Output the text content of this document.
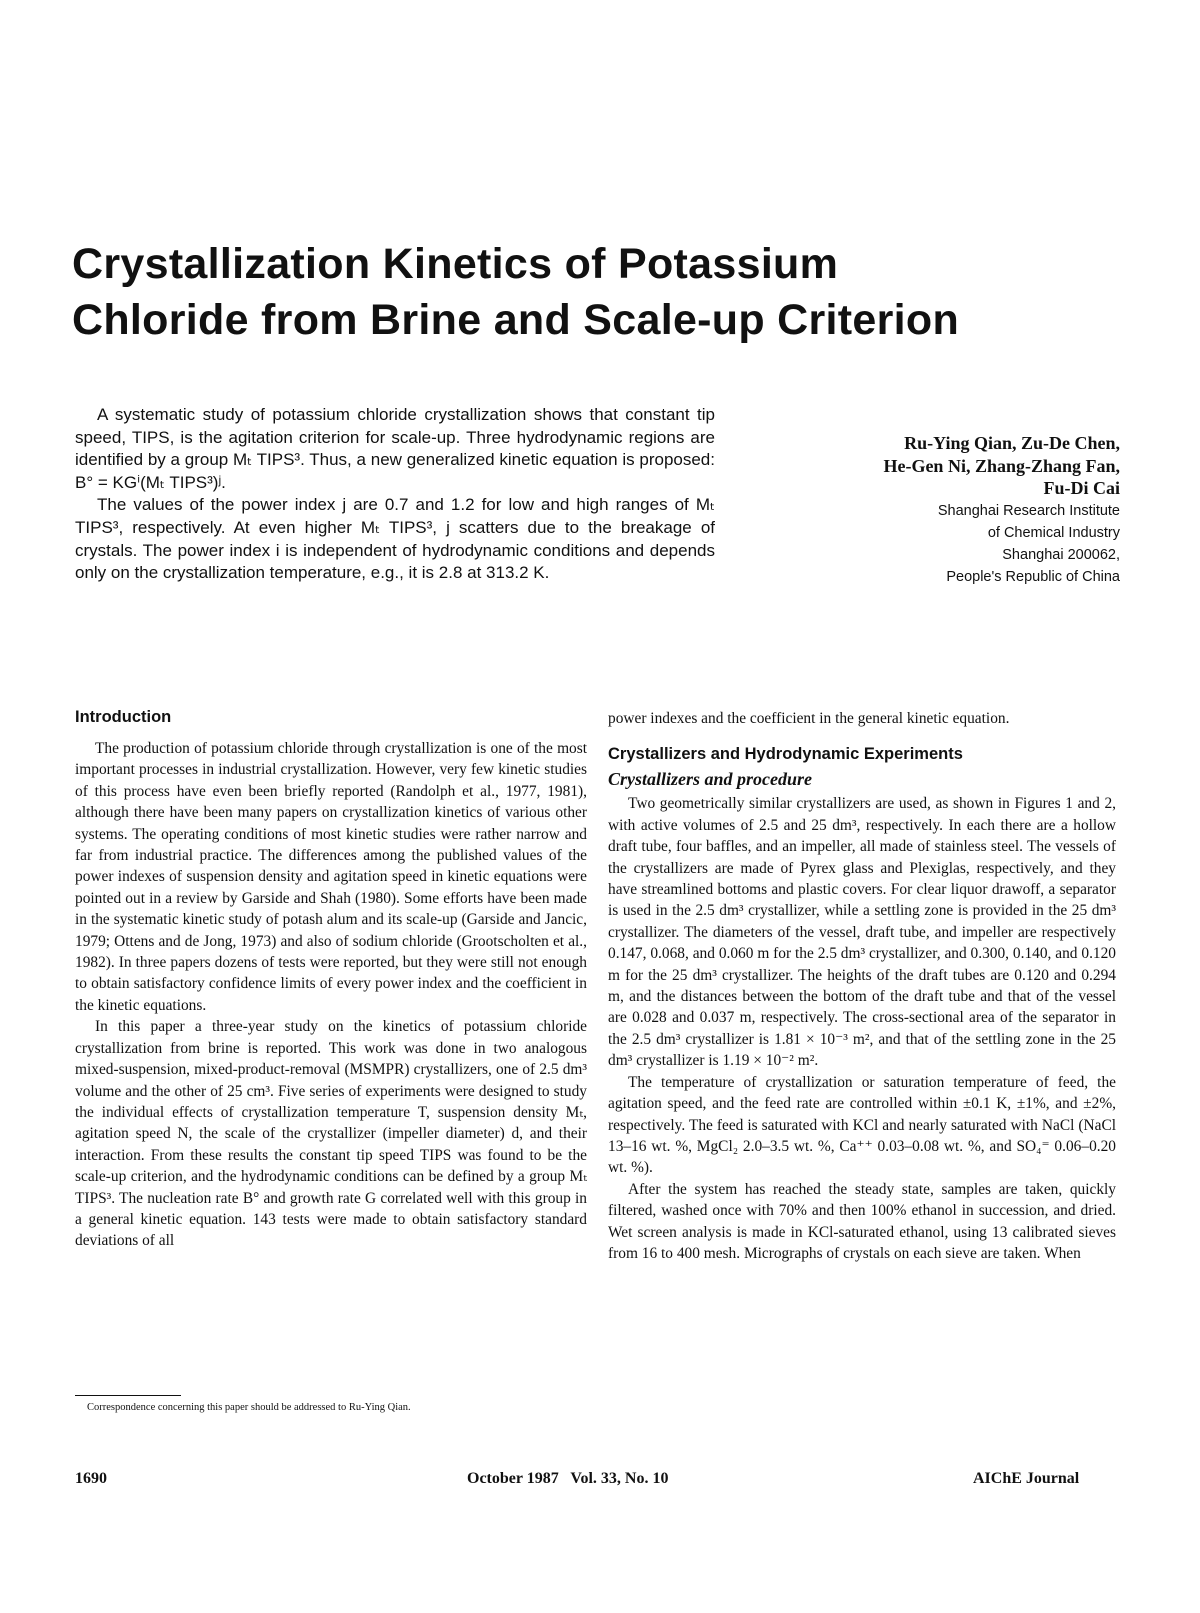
Crystallization Kinetics of Potassium
Chloride from Brine and Scale-up Criterion

A systematic study of potassium chloride crystallization shows that constant tip speed, TIPS, is the agitation criterion for scale-up. Three hydrodynamic regions are identified by a group Mₜ TIPS³. Thus, a new generalized kinetic equation is proposed: B° = KGⁱ(Mₜ TIPS³)ʲ.

The values of the power index j are 0.7 and 1.2 for low and high ranges of Mₜ TIPS³, respectively. At even higher Mₜ TIPS³, j scatters due to the breakage of crystals. The power index i is independent of hydrodynamic conditions and depends only on the crystallization temperature, e.g., it is 2.8 at 313.2 K.

Ru-Ying Qian, Zu-De Chen,
He-Gen Ni, Zhang-Zhang Fan,
Fu-Di Cai
Shanghai Research Institute
of Chemical Industry
Shanghai 200062,
People's Republic of China
Introduction

The production of potassium chloride through crystallization is one of the most important processes in industrial crystallization. However, very few kinetic studies of this process have even been briefly reported (Randolph et al., 1977, 1981), although there have been many papers on crystallization kinetics of various other systems. The operating conditions of most kinetic studies were rather narrow and far from industrial practice. The differences among the published values of the power indexes of suspension density and agitation speed in kinetic equations were pointed out in a review by Garside and Shah (1980). Some efforts have been made in the systematic kinetic study of potash alum and its scale-up (Garside and Jancic, 1979; Ottens and de Jong, 1973) and also of sodium chloride (Grootscholten et al., 1982). In three papers dozens of tests were reported, but they were still not enough to obtain satisfactory confidence limits of every power index and the coefficient in the kinetic equations.

In this paper a three-year study on the kinetics of potassium chloride crystallization from brine is reported. This work was done in two analogous mixed-suspension, mixed-product-removal (MSMPR) crystallizers, one of 2.5 dm³ volume and the other of 25 cm³. Five series of experiments were designed to study the individual effects of crystallization temperature T, suspension density Mₜ, agitation speed N, the scale of the crystallizer (impeller diameter) d, and their interaction. From these results the constant tip speed TIPS was found to be the scale-up criterion, and the hydrodynamic conditions can be defined by a group Mₜ TIPS³. The nucleation rate B° and growth rate G correlated well with this group in a general kinetic equation. 143 tests were made to obtain satisfactory standard deviations of all

power indexes and the coefficient in the general kinetic equation.

Crystallizers and Hydrodynamic Experiments
Crystallizers and procedure

Two geometrically similar crystallizers are used, as shown in Figures 1 and 2, with active volumes of 2.5 and 25 dm³, respectively. In each there are a hollow draft tube, four baffles, and an impeller, all made of stainless steel. The vessels of the crystallizers are made of Pyrex glass and Plexiglas, respectively, and they have streamlined bottoms and plastic covers. For clear liquor drawoff, a separator is used in the 2.5 dm³ crystallizer, while a settling zone is provided in the 25 dm³ crystallizer. The diameters of the vessel, draft tube, and impeller are respectively 0.147, 0.068, and 0.060 m for the 2.5 dm³ crystallizer, and 0.300, 0.140, and 0.120 m for the 25 dm³ crystallizer. The heights of the draft tubes are 0.120 and 0.294 m, and the distances between the bottom of the draft tube and that of the vessel are 0.028 and 0.037 m, respectively. The cross-sectional area of the separator in the 2.5 dm³ crystallizer is 1.81 × 10⁻³ m², and that of the settling zone in the 25 dm³ crystallizer is 1.19 × 10⁻² m².

The temperature of crystallization or saturation temperature of feed, the agitation speed, and the feed rate are controlled within ±0.1 K, ±1%, and ±2%, respectively. The feed is saturated with KCl and nearly saturated with NaCl (NaCl 13–16 wt. %, MgCl₂ 2.0–3.5 wt. %, Ca⁺⁺ 0.03–0.08 wt. %, and SO₄⁼ 0.06–0.20 wt. %).

After the system has reached the steady state, samples are taken, quickly filtered, washed once with 70% and then 100% ethanol in succession, and dried. Wet screen analysis is made in KCl-saturated ethanol, using 13 calibrated sieves from 16 to 400 mesh. Micrographs of crystals on each sieve are taken. When

Correspondence concerning this paper should be addressed to Ru-Ying Qian.
1690	October 1987   Vol. 33, No. 10	AIChE Journal
